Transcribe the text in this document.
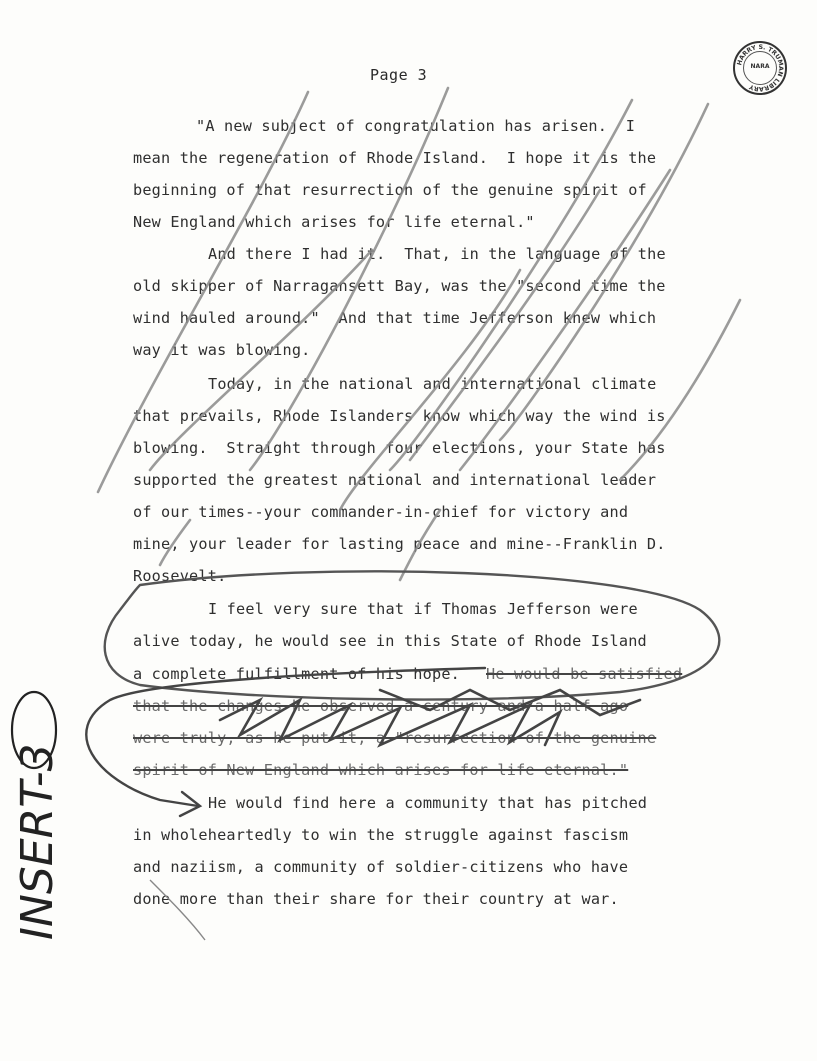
Page 3
HARRY S. TRUMAN LIBRARY
NARA
"A new subject of congratulation has arisen.  I
mean the regeneration of Rhode Island.  I hope it is the
beginning of that resurrection of the genuine spirit of
New England which arises for life eternal."
And there I had it.  That, in the language of the
old skipper of Narragansett Bay, was the "second time the
wind hauled around."  And that time Jefferson knew which
way it was blowing.
Today, in the national and international climate
that prevails, Rhode Islanders know which way the wind is
blowing.  Straight through four elections, your State has
supported the greatest national and international leader
of our times--your commander-in-chief for victory and
mine, your leader for lasting peace and mine--Franklin D.
Roosevelt.
I feel very sure that if Thomas Jefferson were
alive today, he would see in this State of Rhode Island
a complete fulfillment of his hope. He would be satisfied
that the changes he observed a century and a half ago
were truly, as he put it, a "resurrection of the genuine
spirit of New England which arises for life eternal."
He would find here a community that has pitched
in wholeheartedly to win the struggle against fascism
and naziism, a community of soldier-citizens who have
done more than their share for their country at war.
INSERT-3
